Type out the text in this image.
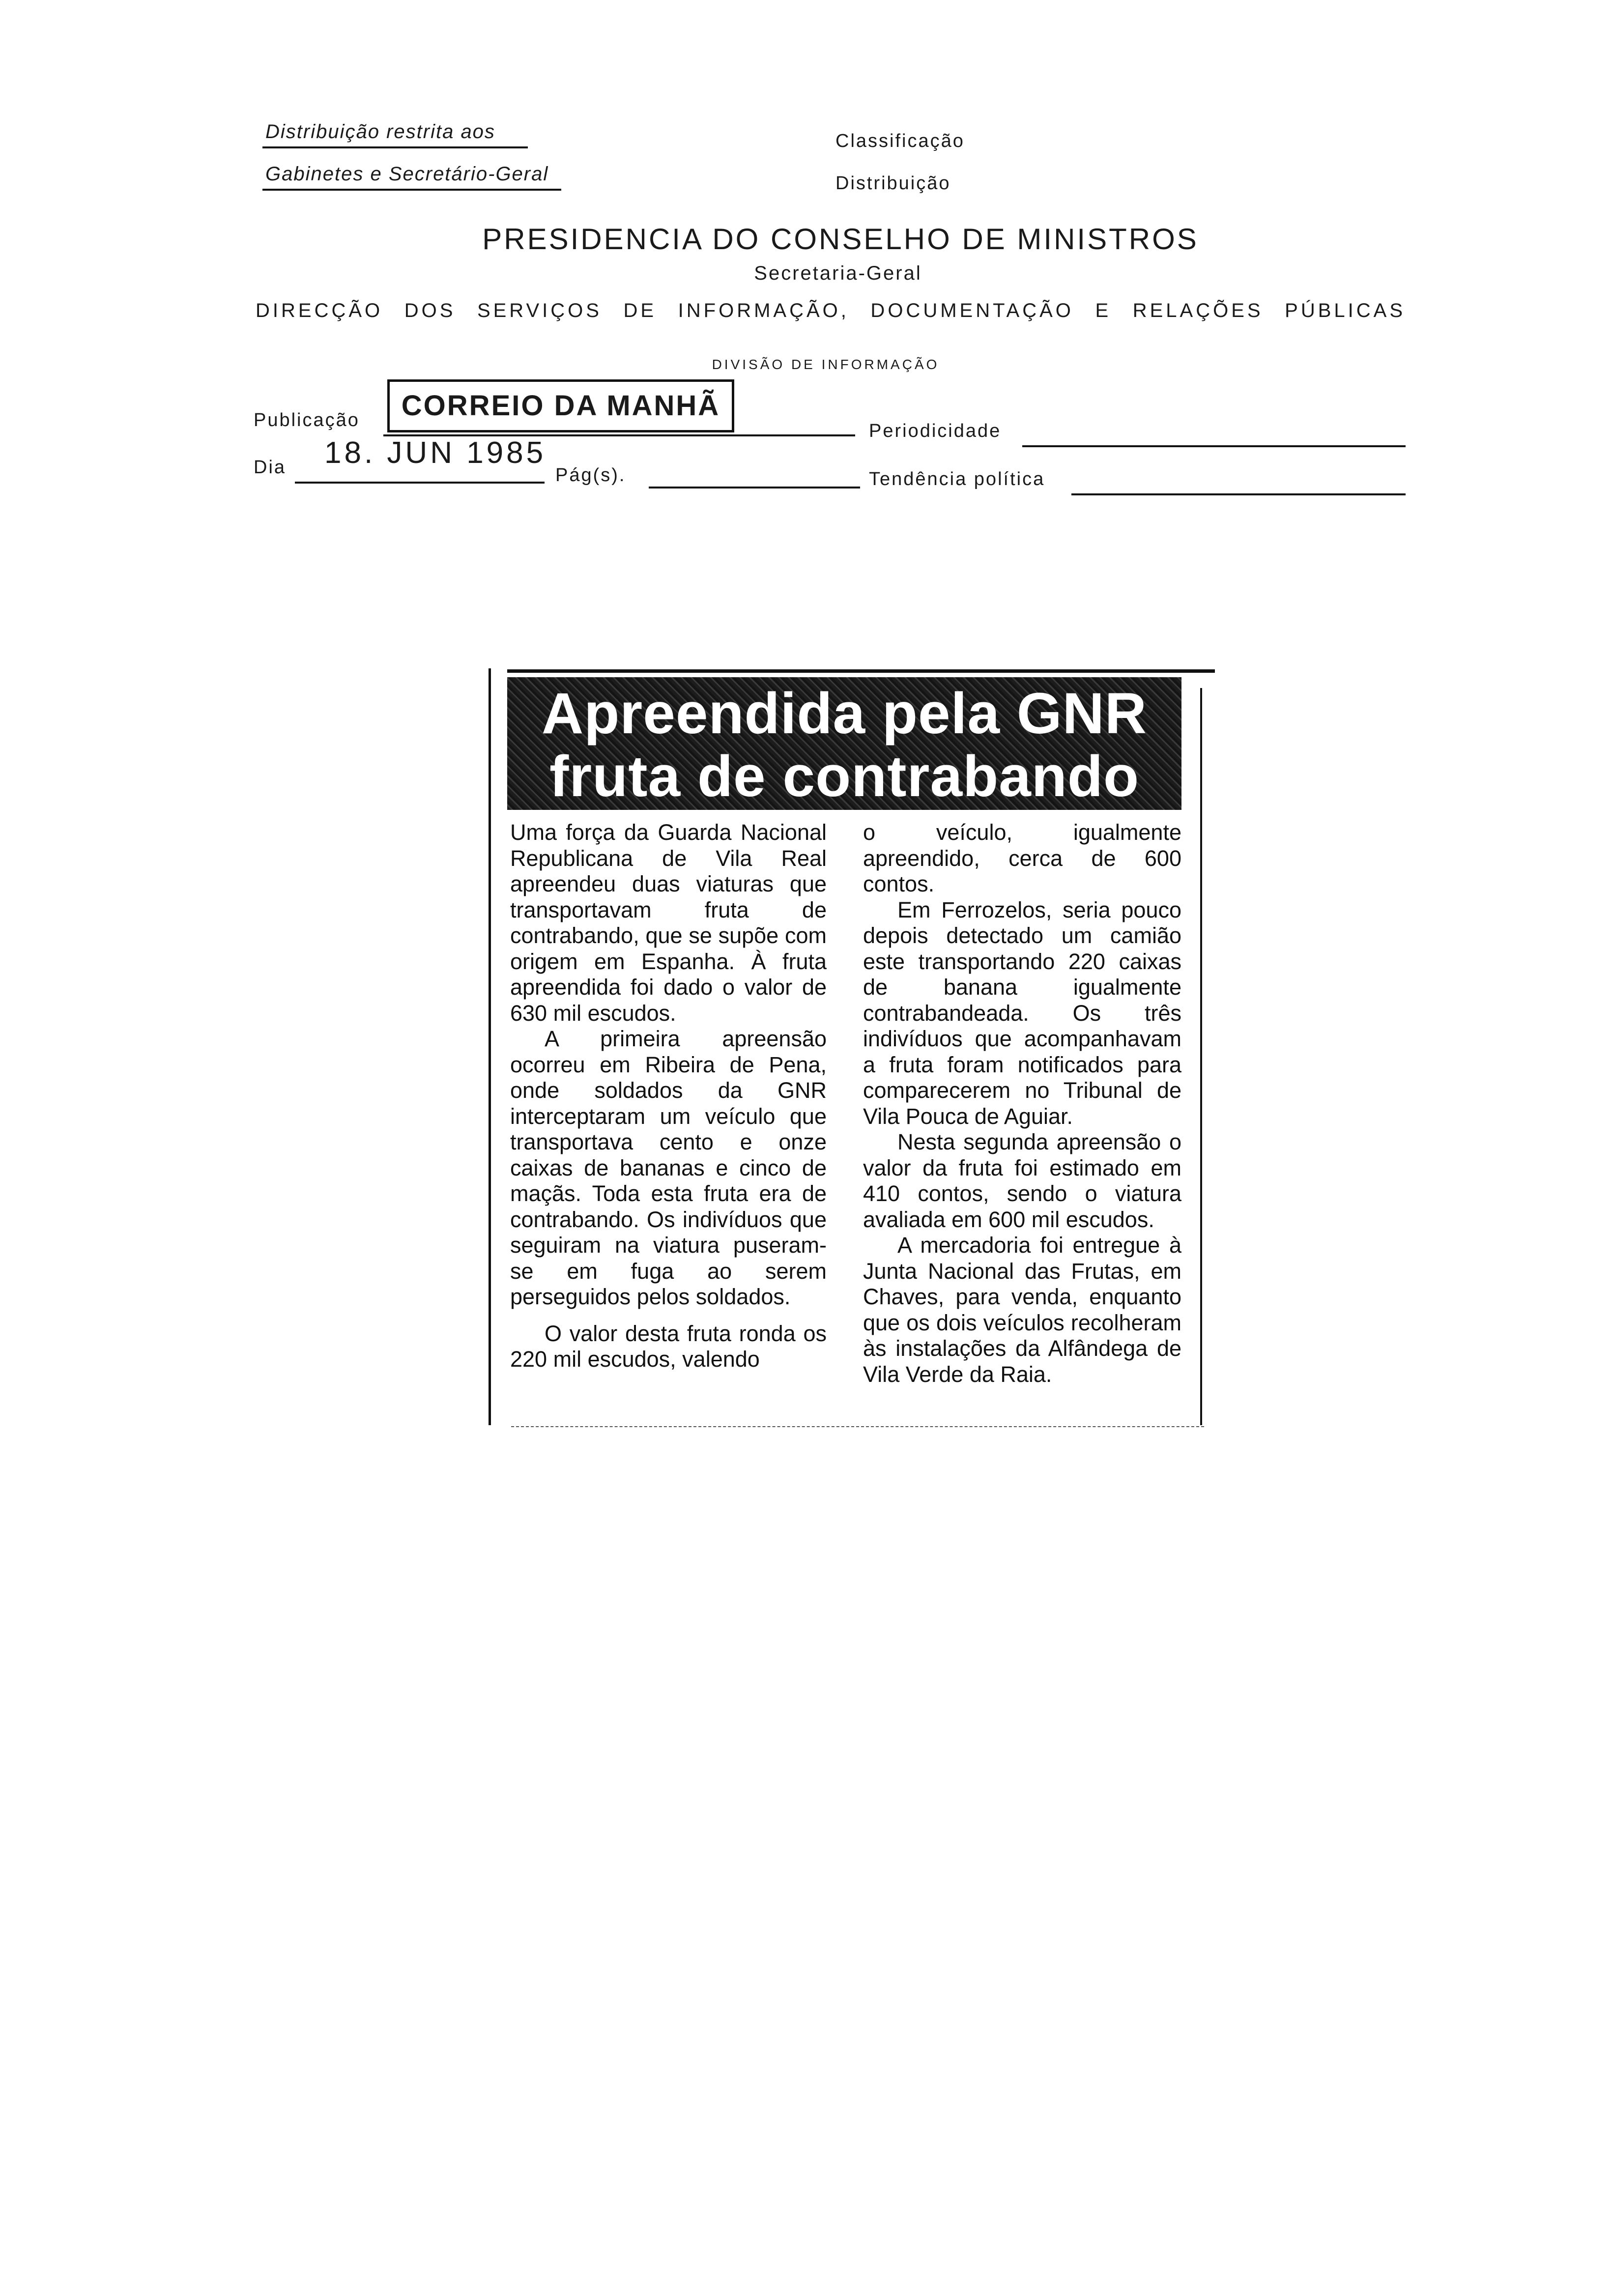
Distribuição restrita aos
Gabinetes e Secretário-Geral
Classificação
Distribuição
PRESIDENCIA DO CONSELHO DE MINISTROS
Secretaria-Geral
DIRECÇÃO DOS SERVIÇOS DE INFORMAÇÃO, DOCUMENTAÇÃO E RELAÇÕES PÚBLICAS
DIVISÃO DE INFORMAÇÃO
Publicação	CORREIO DA MANHÃ
Periodicidade
Dia 18. JUN 1985
Pág(s).	Tendência política
Apreendida pela GNR
fruta de contrabando

Uma força da Guarda Nacional Republicana de Vila Real apreendeu duas viaturas que transportavam fruta de contrabando, que se supõe com origem em Espanha. À fruta apreendida foi dado o valor de 630 mil escudos.

A primeira apreensão ocorreu em Ribeira de Pena, onde soldados da GNR interceptaram um veículo que transportava cento e onze caixas de bananas e cinco de maçãs. Toda esta fruta era de contrabando. Os indivíduos que seguiram na viatura puseram-se em fuga ao serem perseguidos pelos soldados.

O valor desta fruta ronda os 220 mil escudos, valendo

o veículo, igualmente apreendido, cerca de 600 contos.

Em Ferrozelos, seria pouco depois detectado um camião este transportando 220 caixas de banana igualmente contrabandeada. Os três indivíduos que acompanhavam a fruta foram notificados para comparecerem no Tribunal de Vila Pouca de Aguiar.

Nesta segunda apreensão o valor da fruta foi estimado em 410 contos, sendo o viatura avaliada em 600 mil escudos.

A mercadoria foi entregue à Junta Nacional das Frutas, em Chaves, para venda, enquanto que os dois veículos recolheram às instalações da Alfândega de Vila Verde da Raia.
